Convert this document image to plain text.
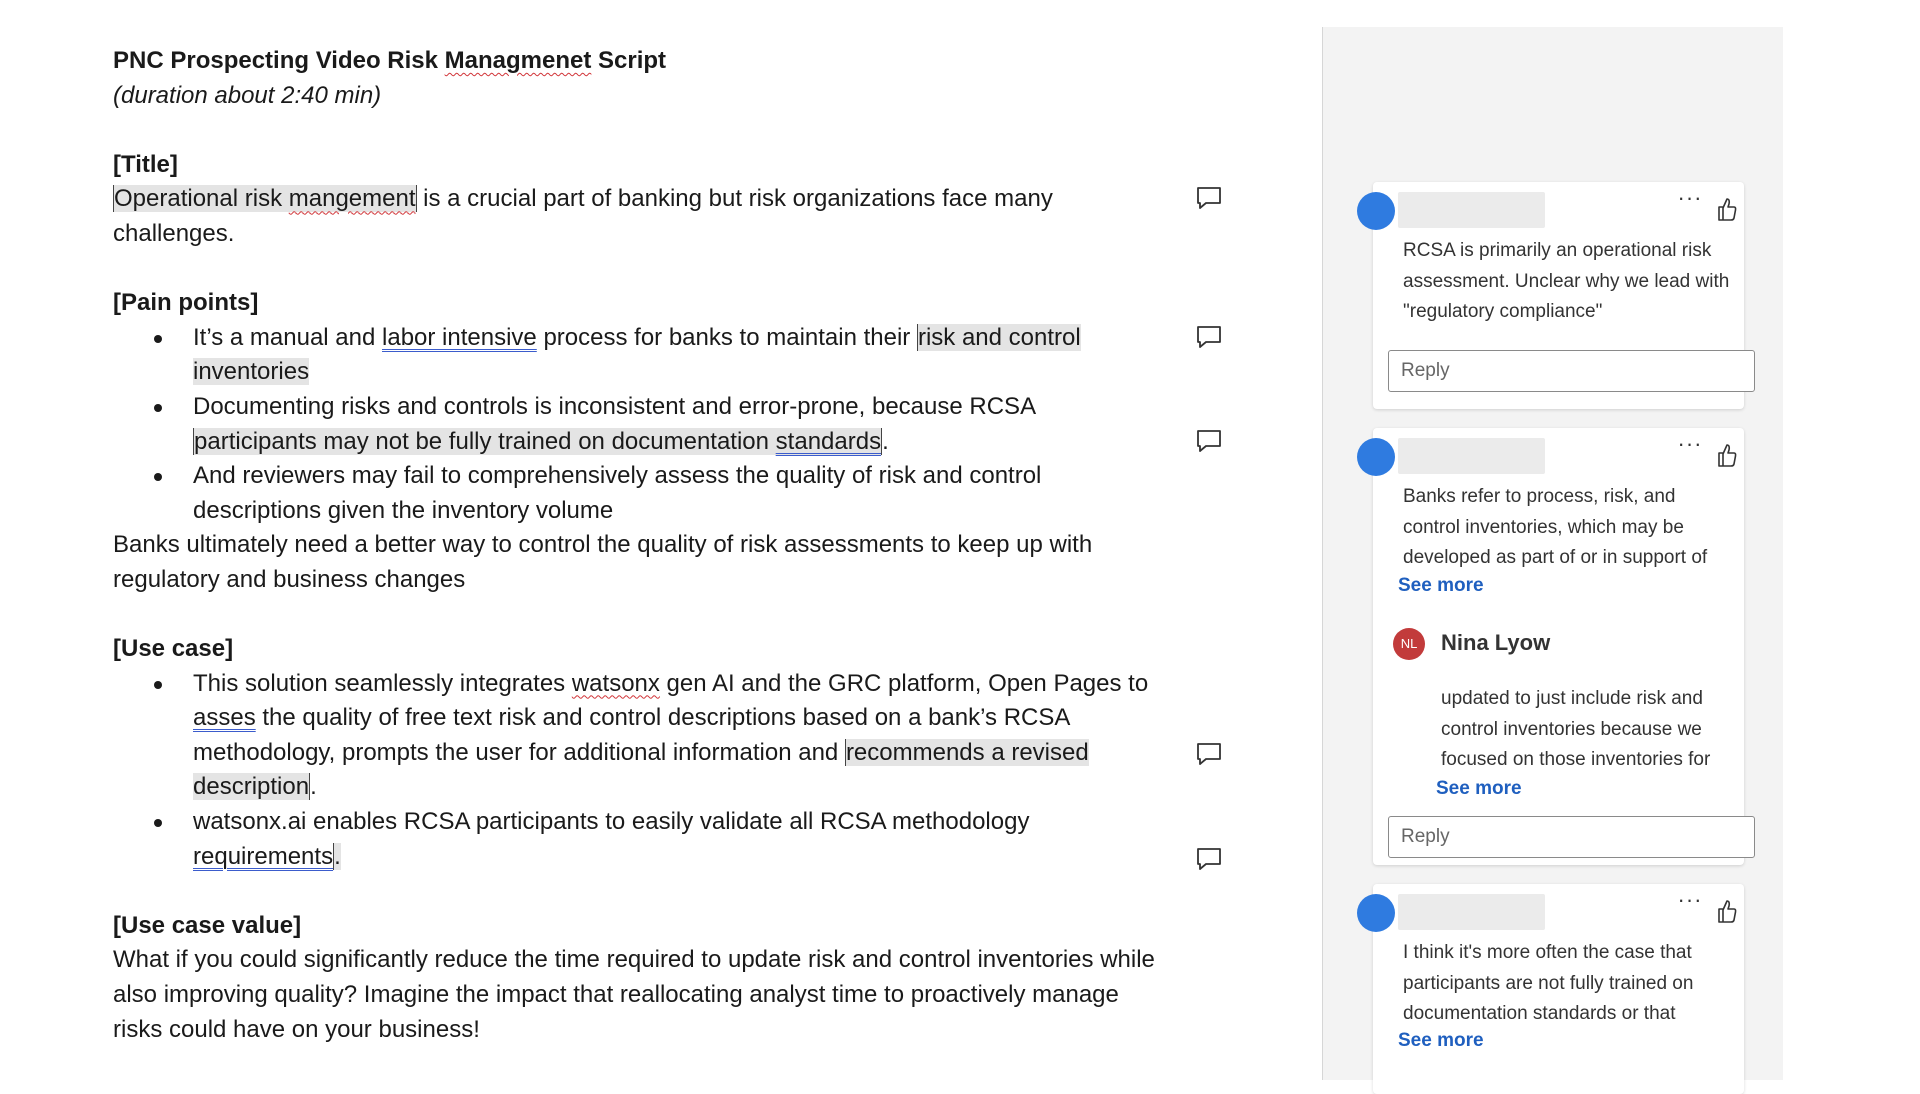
PNC Prospecting Video Risk Managmenet Script

(duration about 2:40 min)

[Title]

Operational risk mangement is a crucial part of banking but risk organizations face many challenges.

[Pain points]

It’s a manual and labor intensive process for banks to maintain their risk and control inventories
Documenting risks and controls is inconsistent and error-prone, because RCSA participants may not be fully trained on documentation standards.
And reviewers may fail to comprehensively assess the quality of risk and control descriptions given the inventory volume

Banks ultimately need a better way to control the quality of risk assessments to keep up with regulatory and business changes

[Use case]

This solution seamlessly integrates watsonx gen AI and the GRC platform, Open Pages to asses the quality of free text risk and control descriptions based on a bank’s RCSA methodology, prompts the user for additional information and recommends a revised description.
watsonx.ai enables RCSA participants to easily validate all RCSA methodology requirements.

[Use case value]

What if you could significantly reduce the time required to update risk and control inventories while also improving quality? Imagine the impact that reallocating analyst time to proactively manage risks could have on your business!

···
RCSA is primarily an operational risk assessment. Unclear why we lead with "regulatory compliance"
Reply
···
Banks refer to process, risk, and control inventories, which may be developed as part of or in support of
See more
NL	Nina Lyow
updated to just include risk and control inventories because we focused on those inventories for
See more
Reply
···
I think it's more often the case that participants are not fully trained on documentation standards or that
See more
